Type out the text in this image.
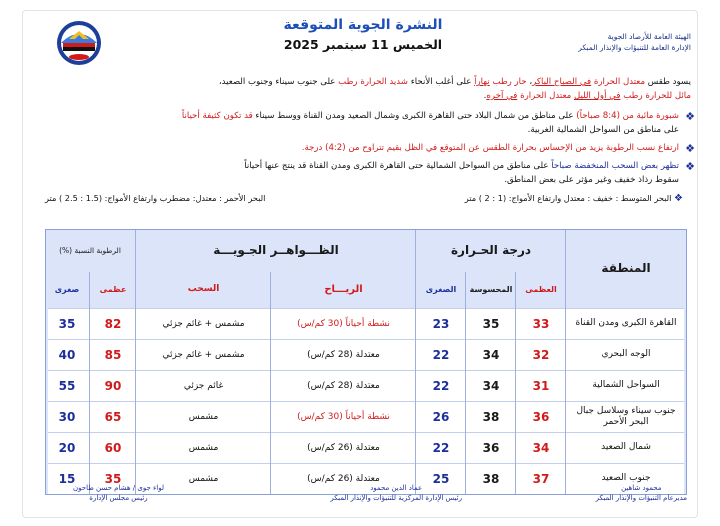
الهيئة العامة للأرصاد الجوية
الإدارة العامة للتنبؤات والإنذار المبكر
النشرة الجوية المتوقعة
الخميس 11 سبتمبر 2025
يسود طقس معتدل الحرارة في الصباح الباكر، حار رطب نهاراً على أغلب الأنحاء شديد الحرارة رطب على جنوب سيناء وجنوب الصعيد،
مائل للحرارة رطب في أول الليل معتدل الحرارة في آخره.
❖
شبورة مائية من (8:4 صباحاً) على مناطق من شمال البلاد حتى القاهرة الكبرى وشمال الصعيد ومدن القناة ووسط سيناء قد تكون كثيفة أحياناً
على مناطق من السواحل الشمالية الغربية.
❖
ارتفاع نسب الرطوبة يزيد من الإحساس بحرارة الطقس عن المتوقع في الظل بقيم تتراوح من (4:2) درجة.
❖
تظهر بعض السحب المنخفضة صباحاً على مناطق من السواحل الشمالية حتى القاهرة الكبرى ومدن القناة قد ينتج عنها أحياناً
سقوط رذاذ خفيف وغير مؤثر على بعض المناطق.
❖ البحر المتوسط : خفيف : معتدل وارتفاع الأمواج: (1 : 2 ) متر
البحر الأحمر : معتدل: مضطرب وارتفاع الأمواج: (1.5 : 2.5 ) متر
المنطقة
درجة الحـرارة
العظمى
المحسوسة
الصغرى
الظـــواهــر الجـويـــة
الريـــاح
السحب
الرطوبة النسبة (%)
عظمى
صغرى
القاهرة الكبرى ومدن القناة
33
35
23
نشطة أحياناً (30 كم/س)
مشمس + غائم جزئي
82
35
الوجه البحري
32
34
22
معتدلة (28 كم/س)
مشمس + غائم جزئي
85
40
السواحل الشمالية
31
34
22
معتدلة (28 كم/س)
غائم جزئي
90
55
جنوب سيناء وسلاسل جبال البحر الأحمر
36
38
26
نشطة أحياناً (30 كم/س)
مشمس
65
30
شمال الصعيد
34
36
22
معتدلة (26 كم/س)
مشمس
60
20
جنوب الصعيد
37
38
25
معتدلة (26 كم/س)
مشمس
35
15
محمود شاهين
مديرعام التنبؤات والإنذار المبكر
عماد الدين محمود
رئيس الإدارة المركزية للتنبؤات والإنذار المبكر
لواء جوى / هشام حسن طاحون
رئيس مجلس الإدارة
